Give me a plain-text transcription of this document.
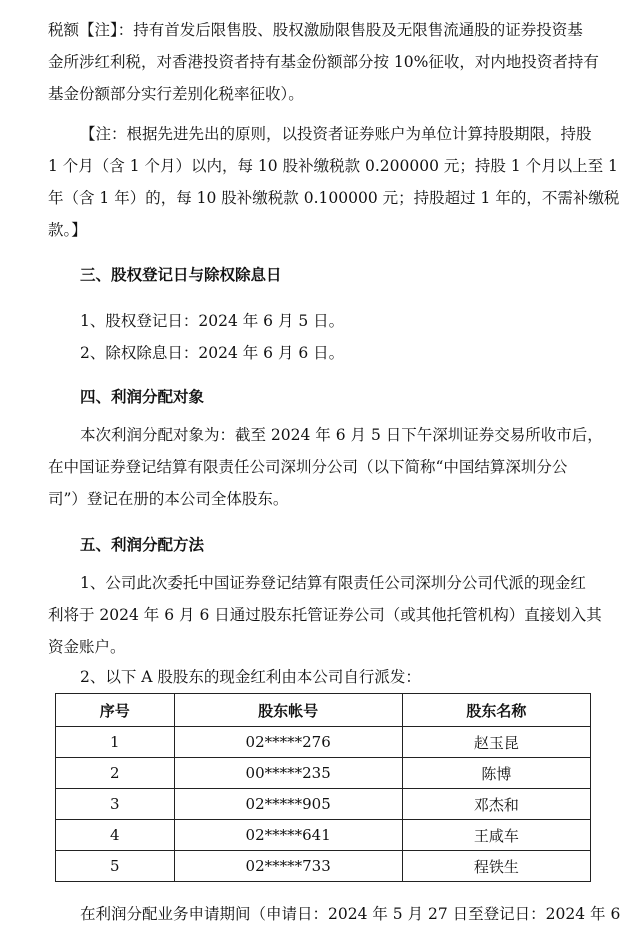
税额【注】：持有首发后限售股、股权激励限售股及无限售流通股的证券投资基
金所涉红利税，对香港投资者持有基金份额部分按 10%征收，对内地投资者持有
基金份额部分实行差别化税率征收）。
【注：根据先进先出的原则，以投资者证券账户为单位计算持股期限，持股
1 个月（含 1 个月）以内，每 10 股补缴税款 0.200000 元；持股 1 个月以上至 1
年（含 1 年）的，每 10 股补缴税款 0.100000 元；持股超过 1 年的，不需补缴税
款。】
三、股权登记日与除权除息日
1、股权登记日：2024 年 6 月 5 日。
2、除权除息日：2024 年 6 月 6 日。
四、利润分配对象
本次利润分配对象为：截至 2024 年 6 月 5 日下午深圳证券交易所收市后，
在中国证券登记结算有限责任公司深圳分公司（以下简称“中国结算深圳分公
司”）登记在册的本公司全体股东。
五、利润分配方法
1、公司此次委托中国证券登记结算有限责任公司深圳分公司代派的现金红
利将于 2024 年 6 月 6 日通过股东托管证券公司（或其他托管机构）直接划入其
资金账户。
2、以下 A 股股东的现金红利由本公司自行派发：
序号	股东帐号	股东名称
1	02*****276	赵玉昆
2	00*****235	陈博
3	02*****905	邓杰和
4	02*****641	王咸车
5	02*****733	程铁生
在利润分配业务申请期间（申请日：2024 年 5 月 27 日至登记日：2024 年 6
